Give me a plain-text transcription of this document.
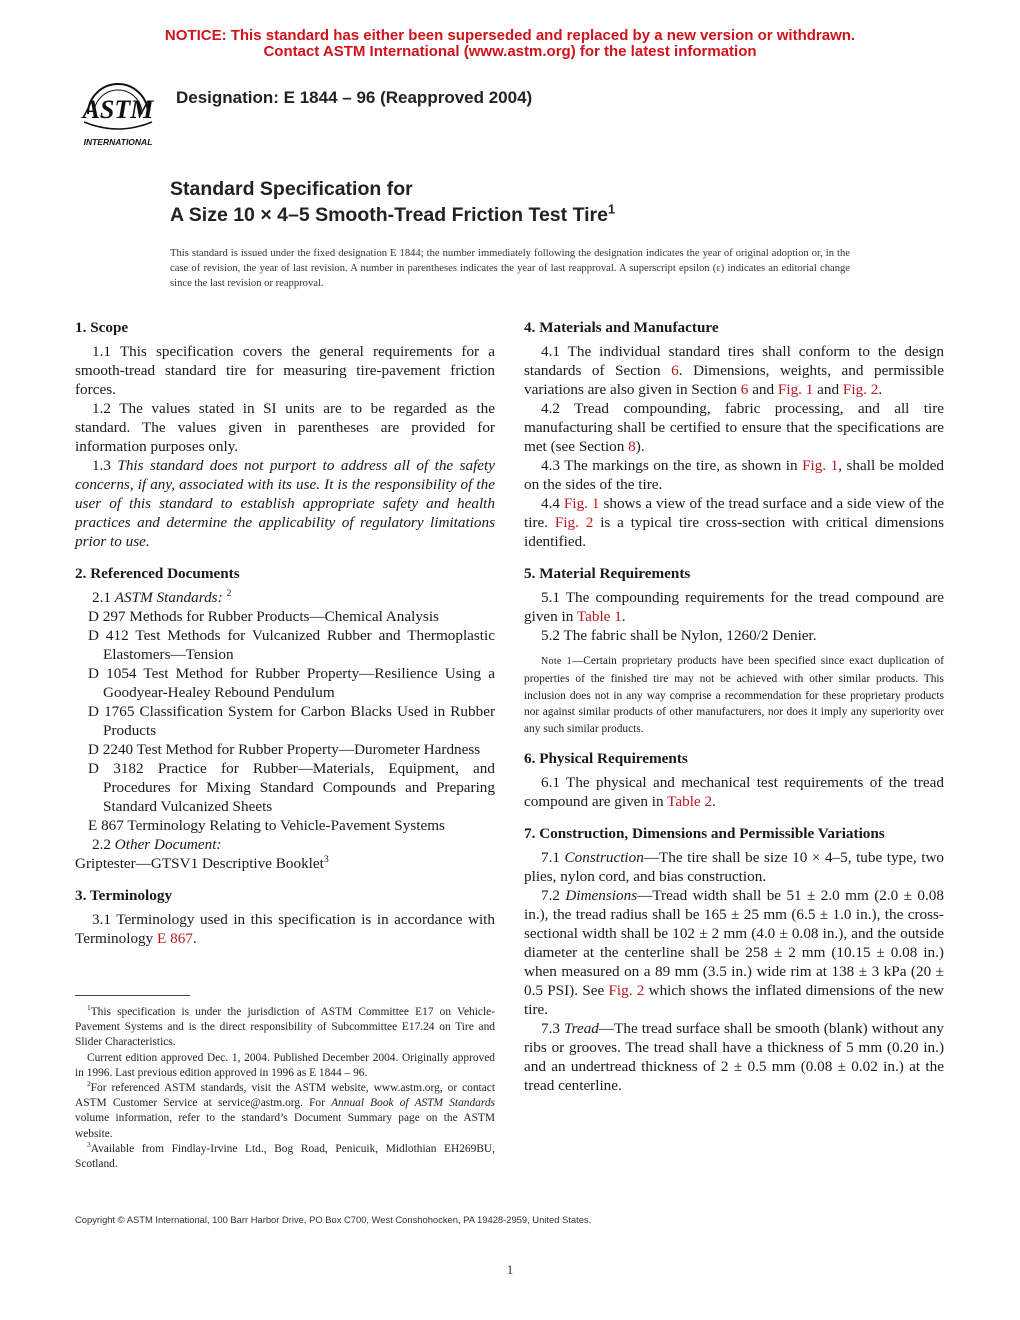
NOTICE: This standard has either been superseded and replaced by a new version or withdrawn.
Contact ASTM International (www.astm.org) for the latest information
ASTM
INTERNATIONAL
Designation: E 1844 – 96 (Reapproved 2004)
Standard Specification for
A Size 10 × 4–5 Smooth-Tread Friction Test Tire$^1$
This standard is issued under the fixed designation E 1844; the number immediately following the designation indicates the year of original adoption or, in the case of revision, the year of last revision. A number in parentheses indicates the year of last reapproval. A superscript epsilon (ε) indicates an editorial change since the last revision or reapproval.

1. Scope

1.1 This specification covers the general requirements for a smooth-tread standard tire for measuring tire-pavement friction forces.

1.2 The values stated in SI units are to be regarded as the standard. The values given in parentheses are provided for information purposes only.

1.3 This standard does not purport to address all of the safety concerns, if any, associated with its use. It is the responsibility of the user of this standard to establish appropriate safety and health practices and determine the applicability of regulatory limitations prior to use.

2. Referenced Documents

2.1 ASTM Standards: $^2$

D 297 Methods for Rubber Products—Chemical Analysis

D 412 Test Methods for Vulcanized Rubber and Thermoplastic Elastomers—Tension

D 1054 Test Method for Rubber Property—Resilience Using a Goodyear-Healey Rebound Pendulum

D 1765 Classification System for Carbon Blacks Used in Rubber Products

D 2240 Test Method for Rubber Property—Durometer Hardness

D 3182 Practice for Rubber—Materials, Equipment, and Procedures for Mixing Standard Compounds and Preparing Standard Vulcanized Sheets

E 867 Terminology Relating to Vehicle-Pavement Systems

2.2 Other Document:

Griptester—GTSV1 Descriptive Booklet$^3$

3. Terminology

3.1 Terminology used in this specification is in accordance with Terminology E 867.

$^1$This specification is under the jurisdiction of ASTM Committee E17 on Vehicle-Pavement Systems and is the direct responsibility of Subcommittee E17.24 on Tire and Slider Characteristics.
Current edition approved Dec. 1, 2004. Published December 2004. Originally approved in 1996. Last previous edition approved in 1996 as E 1844 – 96.
$^2$For referenced ASTM standards, visit the ASTM website, www.astm.org, or contact ASTM Customer Service at service@astm.org. For Annual Book of ASTM Standards volume information, refer to the standard’s Document Summary page on the ASTM website.
$^3$Available from Findlay-Irvine Ltd., Bog Road, Penicuik, Midlothian EH269BU, Scotland.

4. Materials and Manufacture

4.1 The individual standard tires shall conform to the design standards of Section 6. Dimensions, weights, and permissible variations are also given in Section 6 and Fig. 1 and Fig. 2.

4.2 Tread compounding, fabric processing, and all tire manufacturing shall be certified to ensure that the specifications are met (see Section 8).

4.3 The markings on the tire, as shown in Fig. 1, shall be molded on the sides of the tire.

4.4 Fig. 1 shows a view of the tread surface and a side view of the tire. Fig. 2 is a typical tire cross-section with critical dimensions identified.

5. Material Requirements

5.1 The compounding requirements for the tread compound are given in Table 1.

5.2 The fabric shall be Nylon, 1260/2 Denier.

Note 1—Certain proprietary products have been specified since exact duplication of properties of the finished tire may not be achieved with other similar products. This inclusion does not in any way comprise a recommendation for these proprietary products nor against similar products of other manufacturers, nor does it imply any superiority over any such similar products.

6. Physical Requirements

6.1 The physical and mechanical test requirements of the tread compound are given in Table 2.

7. Construction, Dimensions and Permissible Variations

7.1 Construction—The tire shall be size 10 × 4–5, tube type, two plies, nylon cord, and bias construction.

7.2 Dimensions—Tread width shall be 51 ± 2.0 mm (2.0 ± 0.08 in.), the tread radius shall be 165 ± 25 mm (6.5 ± 1.0 in.), the cross-sectional width shall be 102 ± 2 mm (4.0 ± 0.08 in.), and the outside diameter at the centerline shall be 258 ± 2 mm (10.15 ± 0.08 in.) when measured on a 89 mm (3.5 in.) wide rim at 138 ± 3 kPa (20 ± 0.5 PSI). See Fig. 2 which shows the inflated dimensions of the new tire.

7.3 Tread—The tread surface shall be smooth (blank) without any ribs or grooves. The tread shall have a thickness of 5 mm (0.20 in.) and an undertread thickness of 2 ± 0.5 mm (0.08 ± 0.02 in.) at the tread centerline.

Copyright © ASTM International, 100 Barr Harbor Drive, PO Box C700, West Conshohocken, PA 19428-2959, United States.
1
